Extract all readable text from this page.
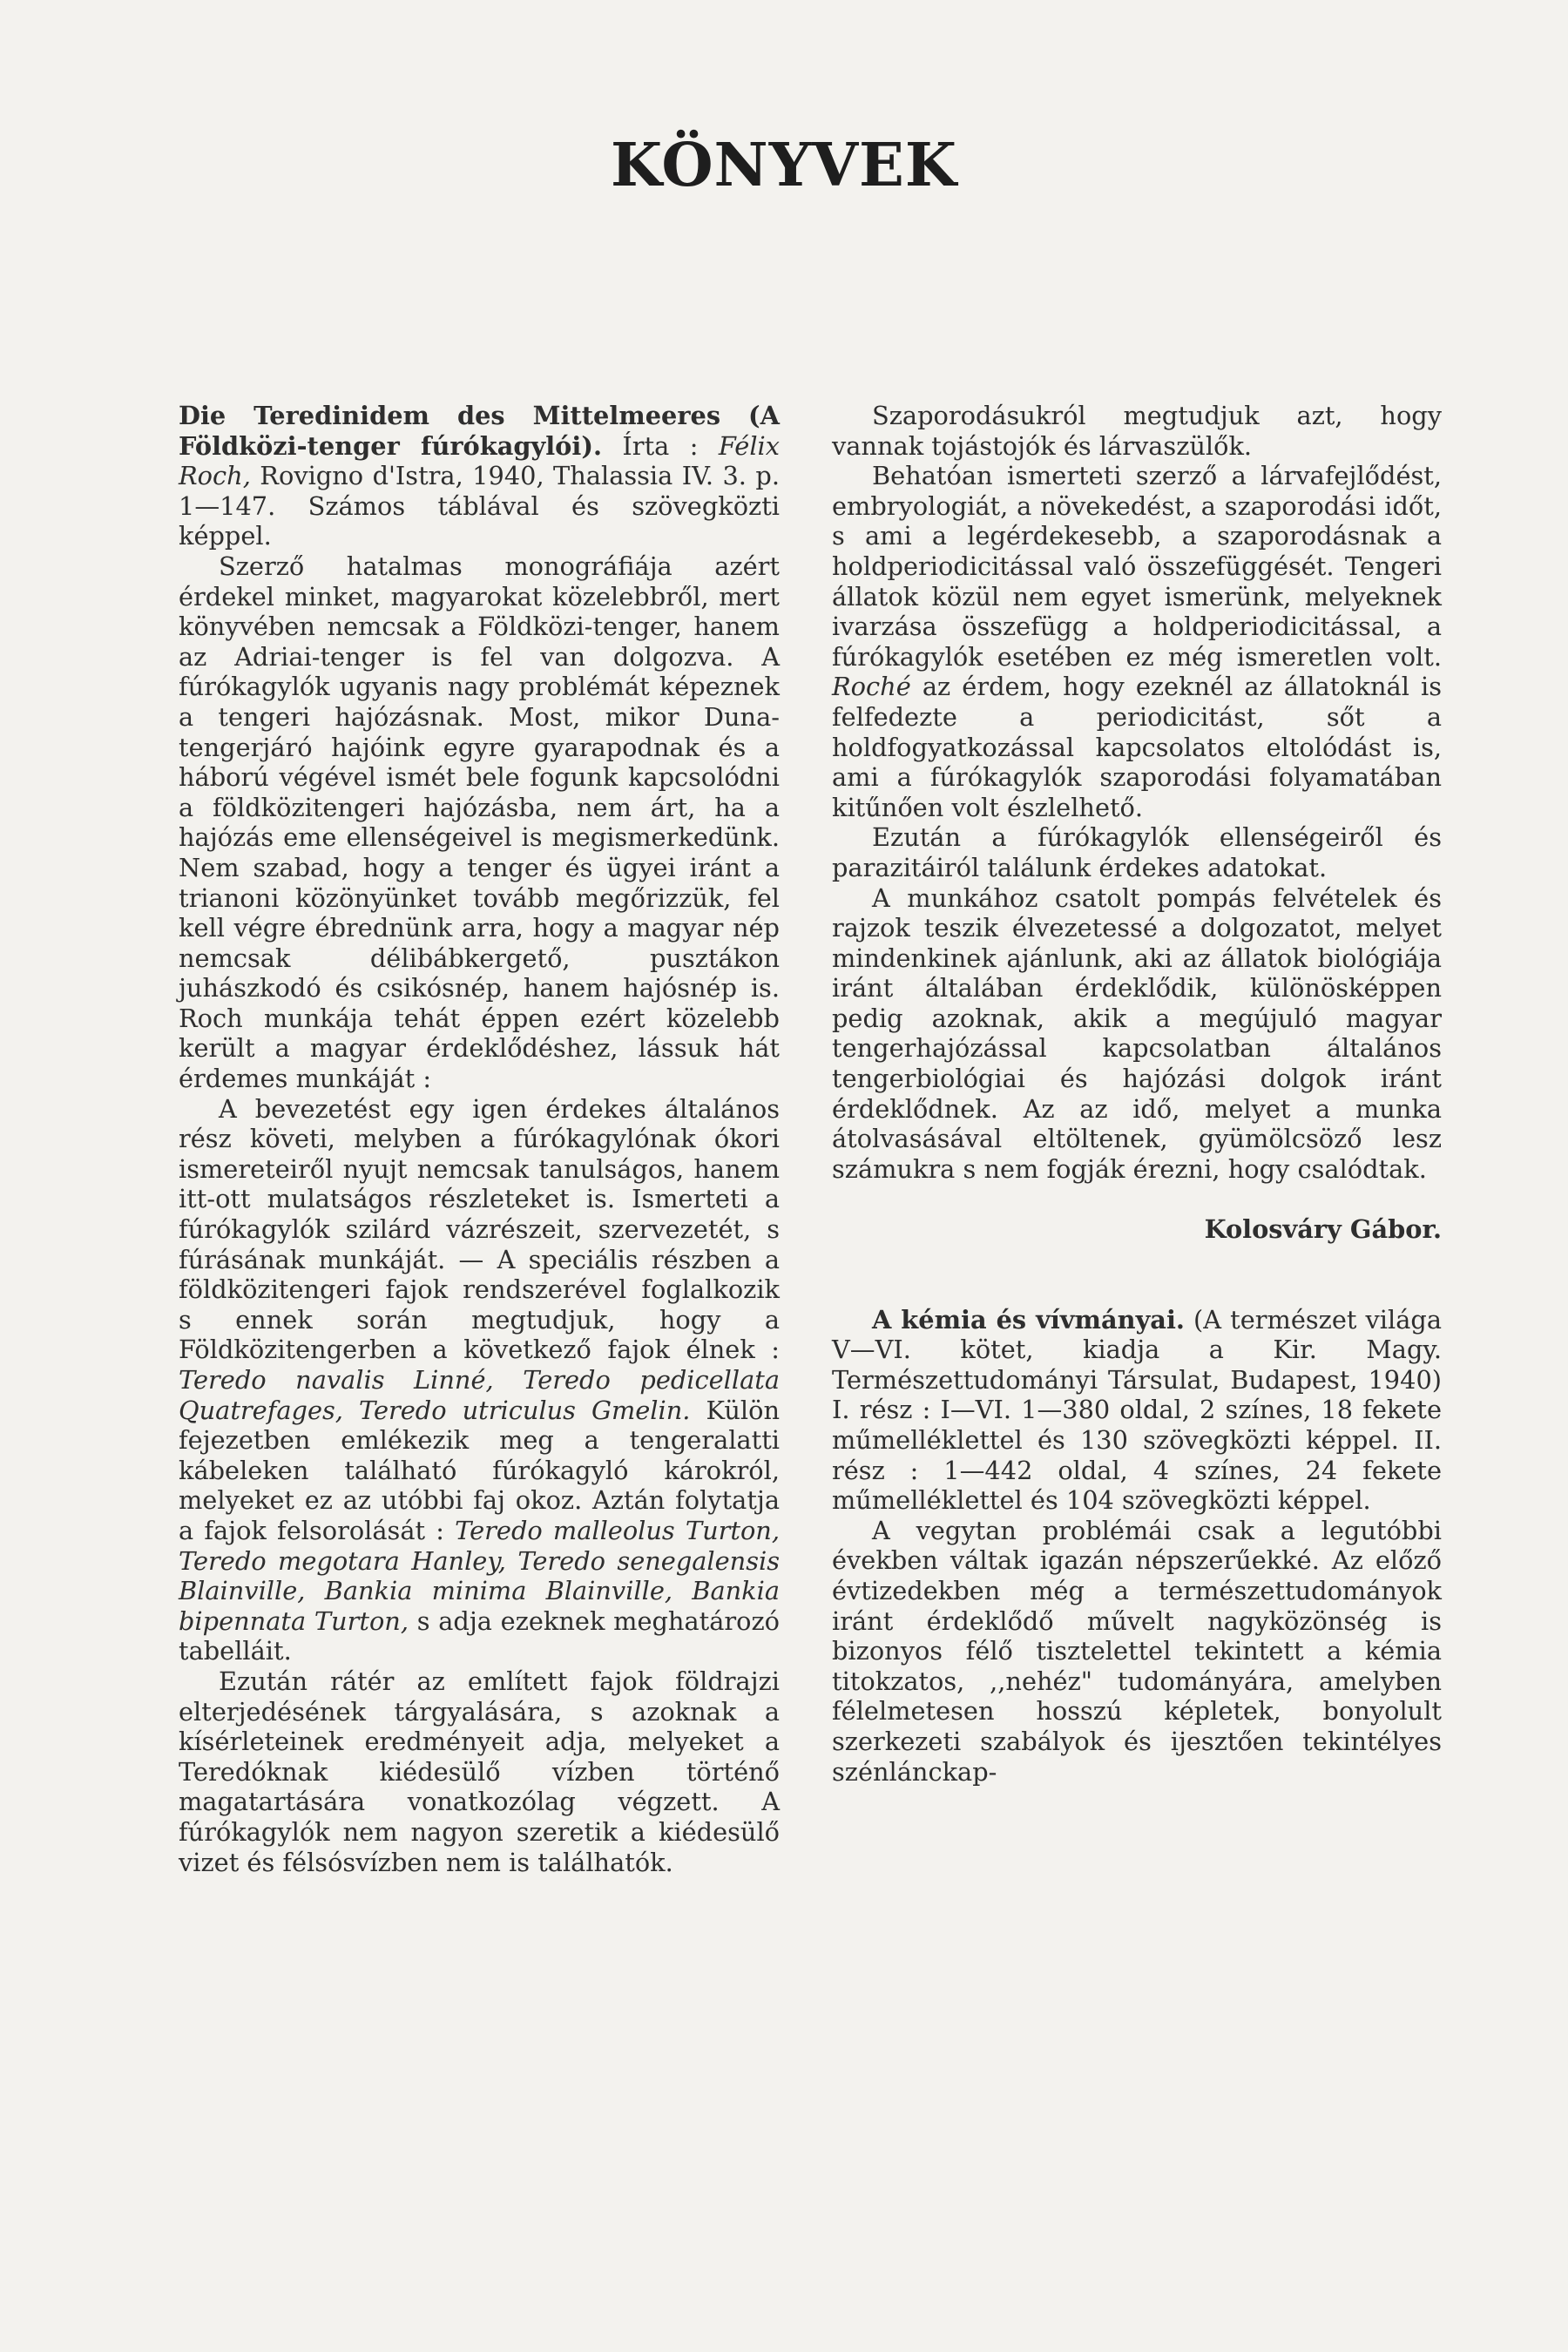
KÖNYVEK

Die Teredinidem des Mittelmeeres (A Földközi-tenger fúrókagylói). Írta : Félix Roch, Rovigno d'Istra, 1940, Thalassia IV. 3. p. 1—147. Számos táblával és szövegközti képpel.
Szerző hatalmas monográfiája azért érdekel minket, magyarokat közelebbről, mert könyvében nemcsak a Földközi-tenger, hanem az Adriai-tenger is fel van dolgozva. A fúrókagylók ugyanis nagy problémát képeznek a tengeri hajózásnak. Most, mikor Duna-tengerjáró hajóink egyre gyarapodnak és a háború végével ismét bele fogunk kapcsolódni a földközitengeri hajózásba, nem árt, ha a hajózás eme ellenségeivel is megismerkedünk. Nem szabad, hogy a tenger és ügyei iránt a trianoni közönyünket tovább megőrizzük, fel kell végre ébrednünk arra, hogy a magyar nép nemcsak délibábkergető, pusztákon juhászkodó és csikósnép, hanem hajósnép is. Roch munkája tehát éppen ezért közelebb került a magyar érdeklődéshez, lássuk hát érdemes munkáját :
A bevezetést egy igen érdekes általános rész követi, melyben a fúrókagylónak ókori ismereteiről nyujt nemcsak tanulságos, hanem itt-ott mulatságos részleteket is. Ismerteti a fúrókagylók szilárd vázrészeit, szervezetét, s fúrásának munkáját. — A speciális részben a földközitengeri fajok rendszerével foglalkozik s ennek során megtudjuk, hogy a Földközitengerben a következő fajok élnek : Teredo navalis Linné, Teredo pedicellata Quatrefages, Teredo utriculus Gmelin. Külön fejezetben emlékezik meg a tengeralatti kábeleken található fúrókagyló károkról, melyeket ez az utóbbi faj okoz. Aztán folytatja a fajok felsorolását : Teredo malleolus Turton, Teredo megotara Hanley, Teredo senegalensis Blainville, Bankia minima Blainville, Bankia bipennata Turton, s adja ezeknek meghatározó tabelláit.
Ezután rátér az említett fajok földrajzi elterjedésének tárgyalására, s azoknak a kísérleteinek eredményeit adja, melyeket a Teredóknak kiédesülő vízben történő magatartására vonatkozólag végzett. A fúrókagylók nem nagyon szeretik a kiédesülő vizet és félsósvízben nem is találhatók.

Szaporodásukról megtudjuk azt, hogy vannak tojástojók és lárvaszülők.
Behatóan ismerteti szerző a lárvafejlődést, embryologiát, a növekedést, a szaporodási időt, s ami a legérdekesebb, a szaporodásnak a holdperiodicitással való összefüggését. Tengeri állatok közül nem egyet ismerünk, melyeknek ivarzása összefügg a holdperiodicitással, a fúrókagylók esetében ez még ismeretlen volt. Roché az érdem, hogy ezeknél az állatoknál is felfedezte a periodicitást, sőt a holdfogyatkozással kapcsolatos eltolódást is, ami a fúrókagylók szaporodási folyamatában kitűnően volt észlelhető.
Ezután a fúrókagylók ellenségeiről és parazitáiról találunk érdekes adatokat.
A munkához csatolt pompás felvételek és rajzok teszik élvezetessé a dolgozatot, melyet mindenkinek ajánlunk, aki az állatok biológiája iránt általában érdeklődik, különösképpen pedig azoknak, akik a megújuló magyar tengerhajózással kapcsolatban általános tengerbiológiai és hajózási dolgok iránt érdeklődnek. Az az idő, melyet a munka átolvasásával eltöltenek, gyümölcsöző lesz számukra s nem fogják érezni, hogy csalódtak.

Kolosváry Gábor.

A kémia és vívmányai. (A természet világa V—VI. kötet, kiadja a Kir. Magy. Természettudományi Társulat, Budapest, 1940) I. rész : I—VI. 1—380 oldal, 2 színes, 18 fekete műmelléklettel és 130 szövegközti képpel. II. rész : 1—442 oldal, 4 színes, 24 fekete műmelléklettel és 104 szövegközti képpel.
A vegytan problémái csak a legutóbbi években váltak igazán népszerűekké. Az előző évtizedekben még a természettudományok iránt érdeklődő művelt nagyközönség is bizonyos félő tisztelettel tekintett a kémia titokzatos, ,,nehéz" tudományára, amelyben félelmetesen hosszú képletek, bonyolult szerkezeti szabályok és ijesztően tekintélyes szénlánckap-
